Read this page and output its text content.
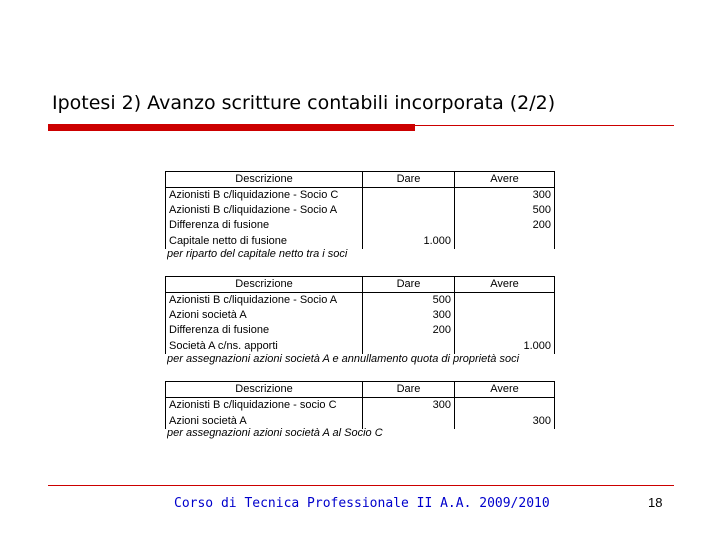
Ipotesi 2) Avanzo scritture contabili incorporata (2/2)
Descrizione	Dare	Avere
Azionisti B c/liquidazione - Socio C		300
Azionisti B c/liquidazione - Socio A		500
Differenza di fusione		200
Capitale netto di fusione	1.000	
per riparto del capitale netto tra i soci
Descrizione	Dare	Avere
Azionisti B c/liquidazione - Socio A	500	
Azioni società A	300	
Differenza di fusione	200	
Società A c/ns. apporti		1.000
per assegnazioni azioni società A e annullamento quota di proprietà soci
Descrizione	Dare	Avere
Azionisti B c/liquidazione - socio C	300	
Azioni società A		300
per assegnazioni azioni società A al Socio C
Corso di Tecnica Professionale II A.A. 2009/2010	18
